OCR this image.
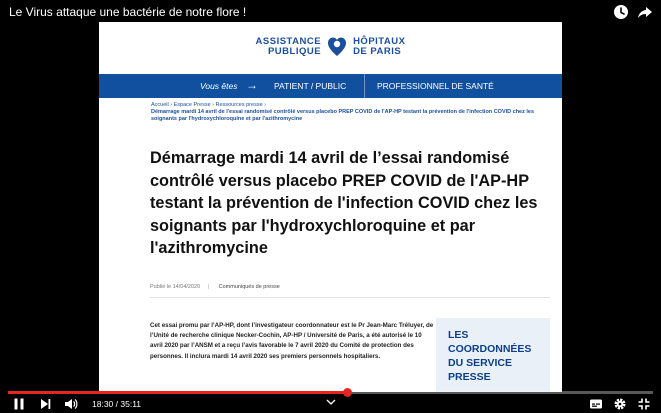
Le Virus attaque une bactérie de notre flore !
ASSISTANCE
PUBLIQUE
HÔPITAUX
DE PARIS
Vous êtes → PATIENT / PUBLIC	PROFESSIONNEL DE SANTÉ
Accueil › Espace Presse › Ressources presse ›
Démarrage mardi 14 avril de l'essai randomisé contrôlé versus placebo PREP COVID de l'AP-HP testant la prévention de l'infection COVID chez les soignants par l'hydroxychloroquine et par l'azithromycine
Démarrage mardi 14 avril de l’essai randomisé contrôlé versus placebo PREP COVID de l'AP-HP testant la prévention de l'infection COVID chez les soignants par l'hydroxychloroquine et par l'azithromycine
Publié le 14/04/2020 | Communiqués de presse

Cet essai promu par l’AP-HP, dont l’investigateur coordonnateur est le Pr Jean-Marc Tréluyer, de l’Unité de recherche clinique Necker-Cochin, AP-HP / Université de Paris, a été autorisé le 10 avril 2020 par l’ANSM et a reçu l’avis favorable le 7 avril 2020 du Comité de protection des personnes. Il inclura mardi 14 avril 2020 ses premiers personnels hospitaliers.

LES
COORDONNÉES
DU SERVICE
PRESSE
18:30 / 35:11
